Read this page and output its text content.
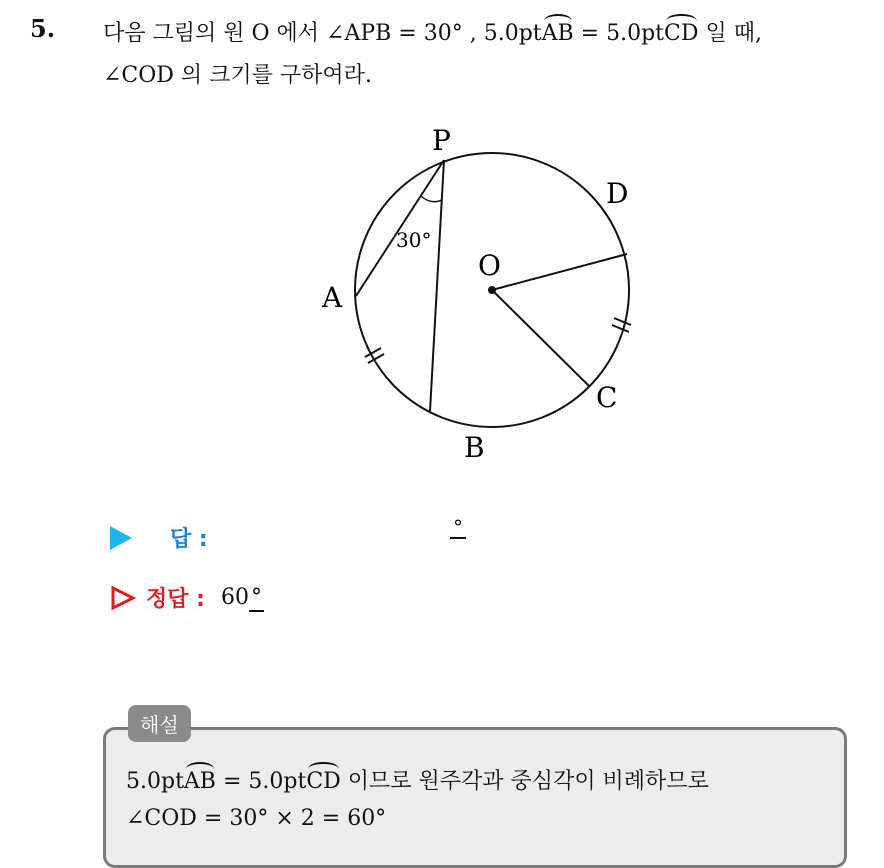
5. 다음 그림의 원 O 에서 ∠APB = 30° , 5.0ptAB = 5.0ptCD 일 때,
∠COD 의 크기를 구하여라.
P
D
O
A
C
B
30°
답 :	°
정답 : 60°
해설
5.0ptAB = 5.0ptCD 이므로 원주각과 중심각이 비례하므로
∠COD = 30° × 2 = 60°
